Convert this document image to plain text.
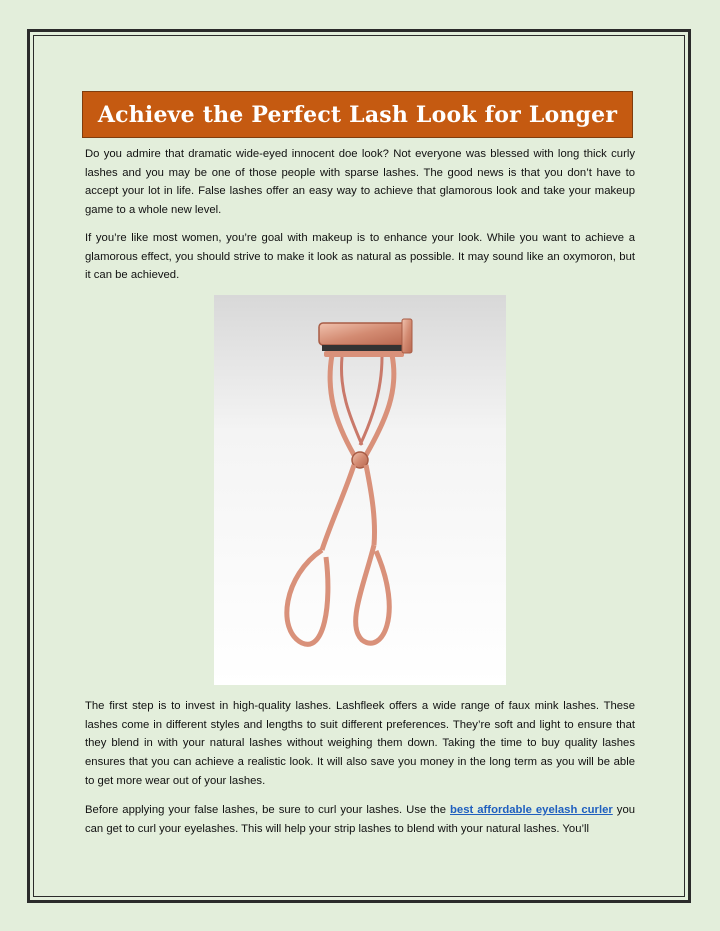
Achieve the Perfect Lash Look for Longer

Do you admire that dramatic wide-eyed innocent doe look? Not everyone was blessed with long thick curly lashes and you may be one of those people with sparse lashes. The good news is that you don’t have to accept your lot in life. False lashes offer an easy way to achieve that glamorous look and take your makeup game to a whole new level.

If you’re like most women, you’re goal with makeup is to enhance your look. While you want to achieve a glamorous effect, you should strive to make it look as natural as possible. It may sound like an oxymoron, but it can be achieved.

The first step is to invest in high-quality lashes. Lashfleek offers a wide range of faux mink lashes. These lashes come in different styles and lengths to suit different preferences. They’re soft and light to ensure that they blend in with your natural lashes without weighing them down. Taking the time to buy quality lashes ensures that you can achieve a realistic look. It will also save you money in the long term as you will be able to get more wear out of your lashes.

Before applying your false lashes, be sure to curl your lashes. Use the best affordable eyelash curler you can get to curl your eyelashes. This will help your strip lashes to blend with your natural lashes. You’ll
